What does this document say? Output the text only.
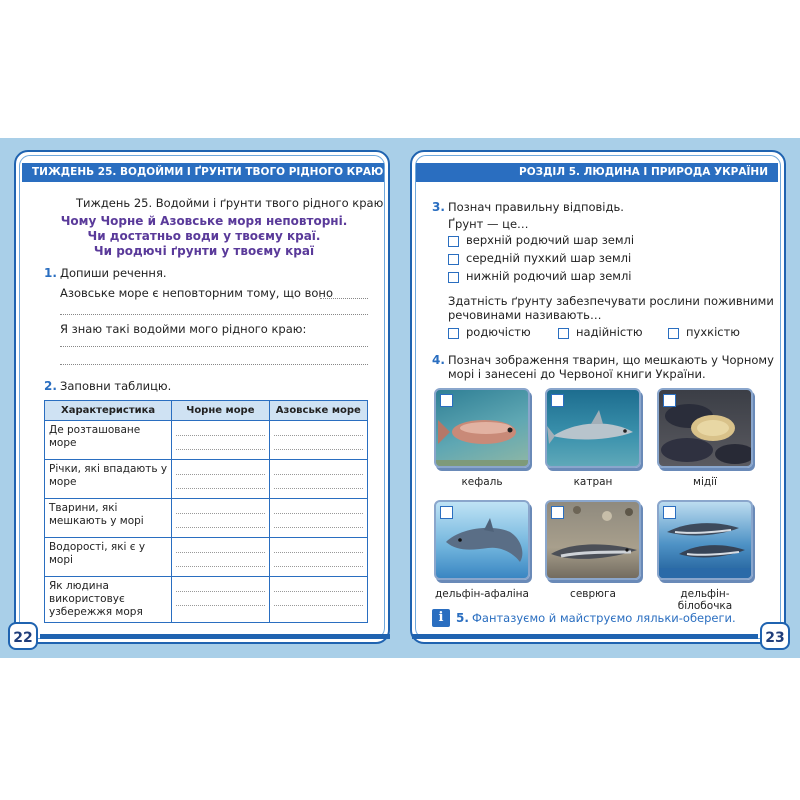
ТИЖДЕНЬ 25. ВОДОЙМИ І ҐРУНТИ ТВОГО РІДНОГО КРАЮ	РОЗДІЛ 5. ЛЮДИНА І ПРИРОДА УКРАЇНИ
Тиждень 25. Водойми і ґрунти твого рідного краю
Чому Чорне й Азовське моря неповторні.
Чи достатньо води у твоєму краї.
Чи родючі ґрунти у твоєму краї
1. Допиши речення.
Азовське море є неповторним тому, що воно
Я знаю такі водойми мого рідного краю:
2. Заповни таблицю.
Характеристика	Чорне море	Азовське море
Де розташоване море		
Річки, які впадають у море		
Тварини, які мешкають у морі		
Водорості, які є у морі		
Як людина використовує узбережжя моря		
22
3. Познач правильну відповідь.
Ґрунт — це…
верхній родючий шар землі
середній пухкий шар землі
нижній родючий шар землі
Здатність ґрунту забезпечувати рослини поживними
речовинами називають…
родючістю	надійністю	пухкістю
4. Познач зображення тварин, що мешкають у Чорному
морі і занесені до Червоної книги України.
кефаль	катран	мідії
дельфін-афаліна	севрюга	дельфін-білобочка
i	5. Фантазуємо й майструємо ляльки-обереги.
23
